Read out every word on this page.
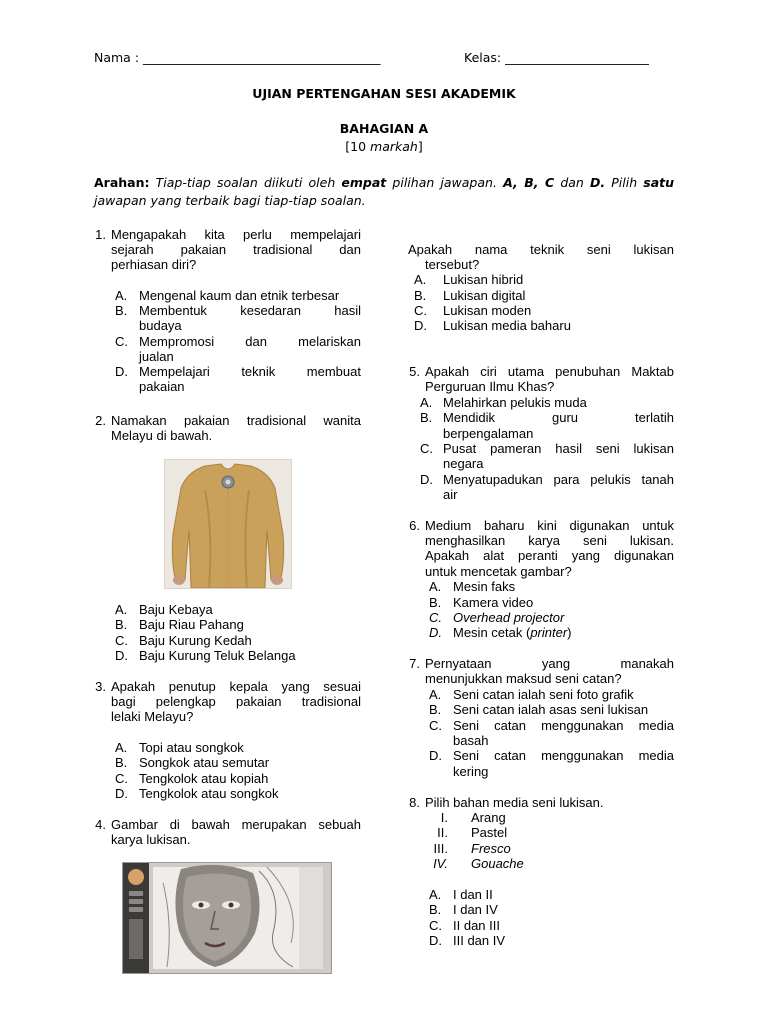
Nama : ______________________________________	Kelas: _______________________
UJIAN PERTENGAHAN SESI AKADEMIK
BAHAGIAN A
[10 markah]
Arahan: Tiap-tiap soalan diikuti oleh empat pilihan jawapan. A, B, C dan D. Pilih satu
jawapan yang terbaik bagi tiap-tiap soalan.
1. Mengapakah kita perlu mempelajari
sejarah pakaian tradisional dan
perhiasan diri?
A. Mengenal kaum dan etnik terbesar
B. Membentuk kesedaran hasil
budaya
C. Mempromosi dan melariskan
jualan
D. Mempelajari teknik membuat
pakaian
2. Namakan pakaian tradisional wanita
Melayu di bawah.
A. Baju Kebaya
B. Baju Riau Pahang
C. Baju Kurung Kedah
D. Baju Kurung Teluk Belanga
3. Apakah penutup kepala yang sesuai
bagi pelengkap pakaian tradisional
lelaki Melayu?
A. Topi atau songkok
B. Songkok atau semutar
C. Tengkolok atau kopiah
D. Tengkolok atau songkok
4. Gambar di bawah merupakan sebuah
karya lukisan.
Apakah nama teknik seni lukisan
tersebut?
A. Lukisan hibrid
B. Lukisan digital
C. Lukisan moden
D. Lukisan media baharu
5. Apakah ciri utama penubuhan Maktab
Perguruan Ilmu Khas?
A. Melahirkan pelukis muda
B. Mendidik guru terlatih
berpengalaman
C. Pusat pameran hasil seni lukisan
negara
D. Menyatupadukan para pelukis tanah
air
6. Medium baharu kini digunakan untuk
menghasilkan karya seni lukisan.
Apakah alat peranti yang digunakan
untuk mencetak gambar?
A. Mesin faks
B. Kamera video
C. Overhead projector
D. Mesin cetak (printer)
7. Pernyataan yang manakah
menunjukkan maksud seni catan?
A. Seni catan ialah seni foto grafik
B. Seni catan ialah asas seni lukisan
C. Seni catan menggunakan media
basah
D. Seni catan menggunakan media
kering
8. Pilih bahan media seni lukisan.
I. Arang
II. Pastel
III. Fresco
IV. Gouache
A. I dan II
B. I dan IV
C. II dan III
D. III dan IV
